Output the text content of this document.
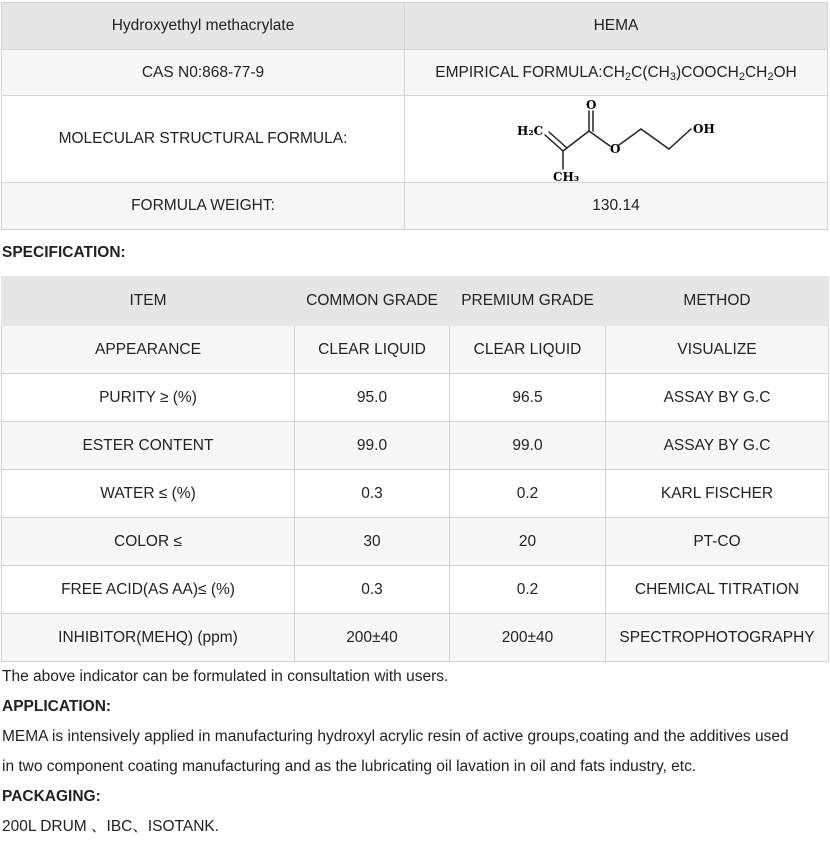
Hydroxyethyl methacrylate	HEMA
CAS N0:868-77-9	EMPIRICAL $FORMULA:CH_2C(CH_3)COOCH_2CH_2OH$
MOLECULAR STRUCTURAL FORMULA:	H₂C
O
O
OH
CH₃

FORMULA WEIGHT:	130.14
SPECIFICATION:
ITEM	COMMON GRADE	PREMIUM GRADE	METHOD
APPEARANCE	CLEAR LIQUID	CLEAR LIQUID	VISUALIZE
PURITY ≥ (%)	95.0	96.5	ASSAY BY G.C
ESTER CONTENT	99.0	99.0	ASSAY BY G.C
WATER ≤ (%)	0.3	0.2	KARL FISCHER
COLOR ≤	30	20	PT-CO
FREE ACID(AS AA)≤ (%)	0.3	0.2	CHEMICAL TITRATION
INHIBITOR(MEHQ) (ppm)	200±40	200±40	SPECTROPHOTOGRAPHY
The above indicator can be formulated in consultation with users.
APPLICATION:
MEMA is intensively applied in manufacturing hydroxyl acrylic resin of active groups,coating and the additives used
in two component coating manufacturing and as the lubricating oil lavation in oil and fats industry, etc.
PACKAGING:
200L DRUM 、IBC、ISOTANK.
